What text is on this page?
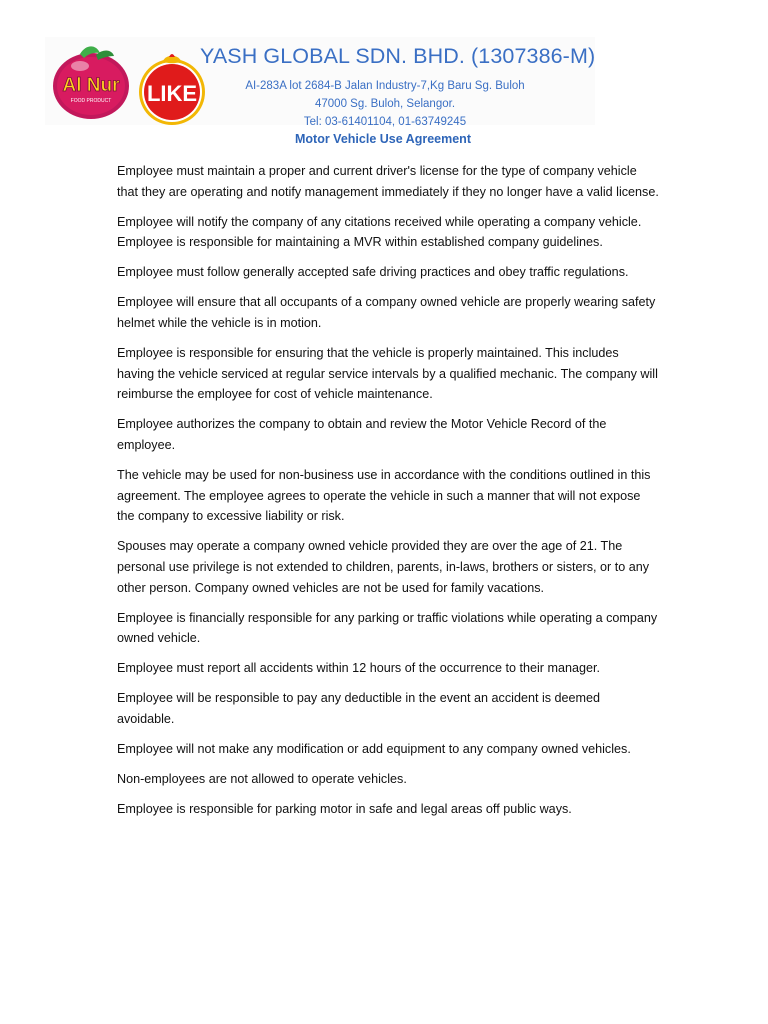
Al Nur
FOOD PRODUCT LIKE
YASH GLOBAL SDN. BHD. (1307386-M)
AI-283A lot 2684-B Jalan Industry-7,Kg Baru Sg. Buloh
47000 Sg. Buloh, Selangor.
Tel: 03-61401104, 01-63749245
Motor Vehicle Use Agreement

Employee must maintain a proper and current driver's license for the type of company vehicle that they are operating and notify management immediately if they no longer have a valid license.

Employee will notify the company of any citations received while operating a company vehicle. Employee is responsible for maintaining a MVR within established company guidelines.

Employee must follow generally accepted safe driving practices and obey traffic regulations.

Employee will ensure that all occupants of a company owned vehicle are properly wearing safety helmet while the vehicle is in motion.

Employee is responsible for ensuring that the vehicle is properly maintained. This includes having the vehicle serviced at regular service intervals by a qualified mechanic. The company will reimburse the employee for cost of vehicle maintenance.

Employee authorizes the company to obtain and review the Motor Vehicle Record of the employee.

The vehicle may be used for non-business use in accordance with the conditions outlined in this agreement. The employee agrees to operate the vehicle in such a manner that will not expose the company to excessive liability or risk.

Spouses may operate a company owned vehicle provided they are over the age of 21. The personal use privilege is not extended to children, parents, in-laws, brothers or sisters, or to any other person. Company owned vehicles are not be used for family vacations.

Employee is financially responsible for any parking or traffic violations while operating a company owned vehicle.

Employee must report all accidents within 12 hours of the occurrence to their manager.

Employee will be responsible to pay any deductible in the event an accident is deemed avoidable.

Employee will not make any modification or add equipment to any company owned vehicles.

Non-employees are not allowed to operate vehicles.

Employee is responsible for parking motor in safe and legal areas off public ways.
